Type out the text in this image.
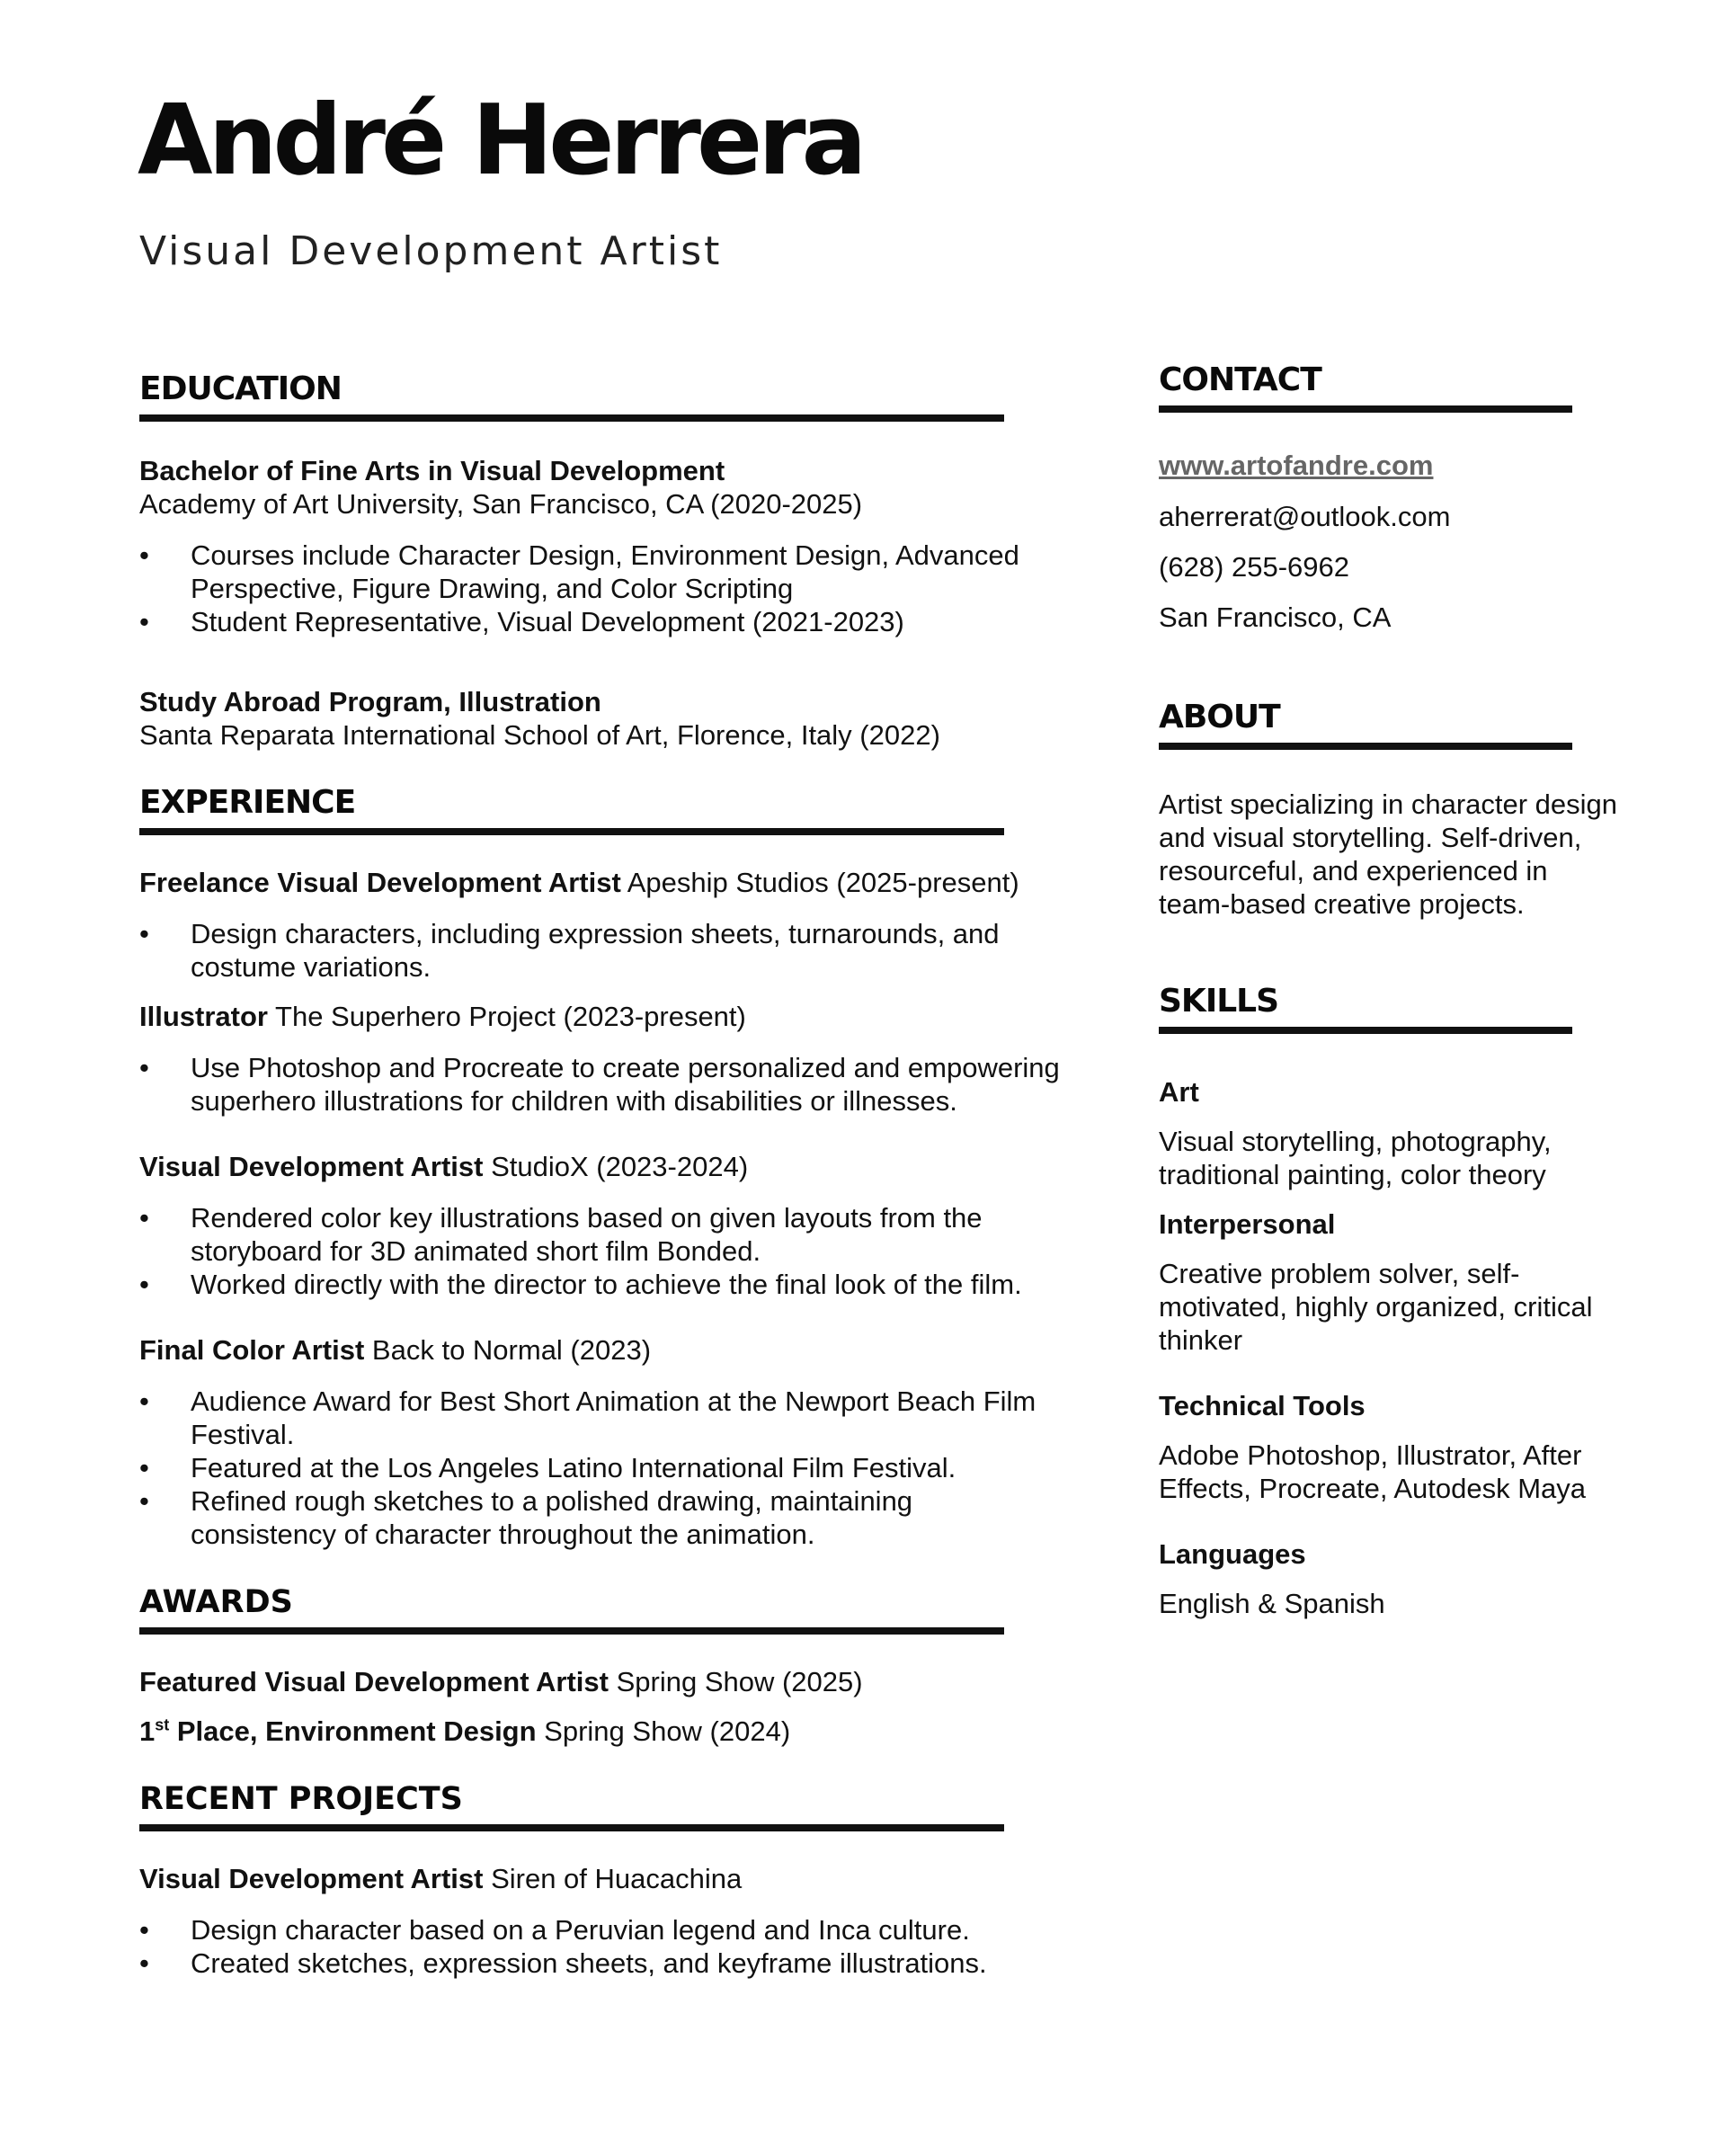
André Herrera
Visual Development Artist
EDUCATION

Bachelor of Fine Arts in Visual Development

Academy of Art University, San Francisco, CA (2020-2025)

• Courses include Character Design, Environment Design, Advanced Perspective, Figure Drawing, and Color Scripting
• Student Representative, Visual Development (2021-2023)

Study Abroad Program, Illustration

Santa Reparata International School of Art, Florence, Italy (2022)

EXPERIENCE

Freelance Visual Development Artist Apeship Studios (2025-present)

• Design characters, including expression sheets, turnarounds, and costume variations.

Illustrator The Superhero Project (2023-present)

• Use Photoshop and Procreate to create personalized and empowering superhero illustrations for children with disabilities or illnesses.

Visual Development Artist StudioX (2023-2024)

• Rendered color key illustrations based on given layouts from the storyboard for 3D animated short film Bonded.
• Worked directly with the director to achieve the final look of the film.

Final Color Artist Back to Normal (2023)

• Audience Award for Best Short Animation at the Newport Beach Film Festival.
• Featured at the Los Angeles Latino International Film Festival.
• Refined rough sketches to a polished drawing, maintaining consistency of character throughout the animation.
AWARDS

Featured Visual Development Artist Spring Show (2025)

1st Place, Environment Design Spring Show (2024)

RECENT PROJECTS

Visual Development Artist Siren of Huacachina

• Design character based on a Peruvian legend and Inca culture.
• Created sketches, expression sheets, and keyframe illustrations.
CONTACT

www.artofandre.com

aherrerat@outlook.com

(628) 255-6962

San Francisco, CA

ABOUT

Artist specializing in character design and visual storytelling. Self-driven, resourceful, and experienced in team-based creative projects.

SKILLS

Art

Visual storytelling, photography, traditional painting, color theory

Interpersonal

Creative problem solver, self-motivated, highly organized, critical thinker

Technical Tools

Adobe Photoshop, Illustrator, After Effects, Procreate, Autodesk Maya

Languages

English & Spanish
